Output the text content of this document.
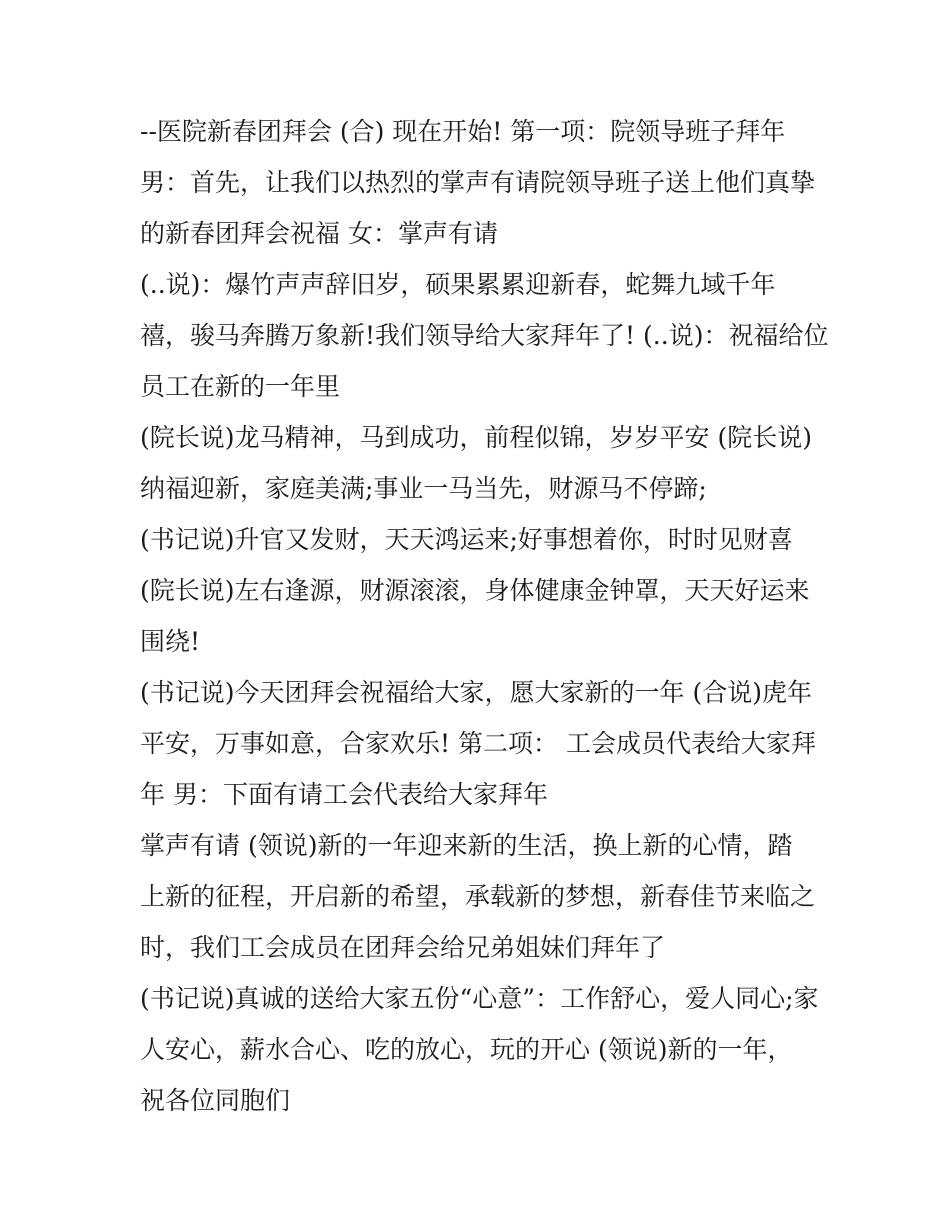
--医院新春团拜会 (合) 现在开始! 第一项：院领导班子拜年
男：首先，让我们以热烈的掌声有请院领导班子送上他们真挚
的新春团拜会祝福 女：掌声有请
(..说)：爆竹声声辞旧岁，硕果累累迎新春，蛇舞九域千年
禧，骏马奔腾万象新!我们领导给大家拜年了! (..说)：祝福给位
员工在新的一年里
(院长说)龙马精神，马到成功，前程似锦，岁岁平安 (院长说)
纳福迎新，家庭美满;事业一马当先，财源马不停蹄;
(书记说)升官又发财，天天鸿运来;好事想着你，时时见财喜
(院长说)左右逢源，财源滚滚，身体健康金钟罩，天天好运来
围绕!
(书记说)今天团拜会祝福给大家，愿大家新的一年 (合说)虎年
平安，万事如意，合家欢乐! 第二项： 工会成员代表给大家拜
年 男：下面有请工会代表给大家拜年
掌声有请 (领说)新的一年迎来新的生活，换上新的心情，踏
上新的征程，开启新的希望，承载新的梦想，新春佳节来临之
时，我们工会成员在团拜会给兄弟姐妹们拜年了
(书记说)真诚的送给大家五份“心意”：工作舒心，爱人同心;家
人安心，薪水合心、吃的放心，玩的开心 (领说)新的一年，
祝各位同胞们
